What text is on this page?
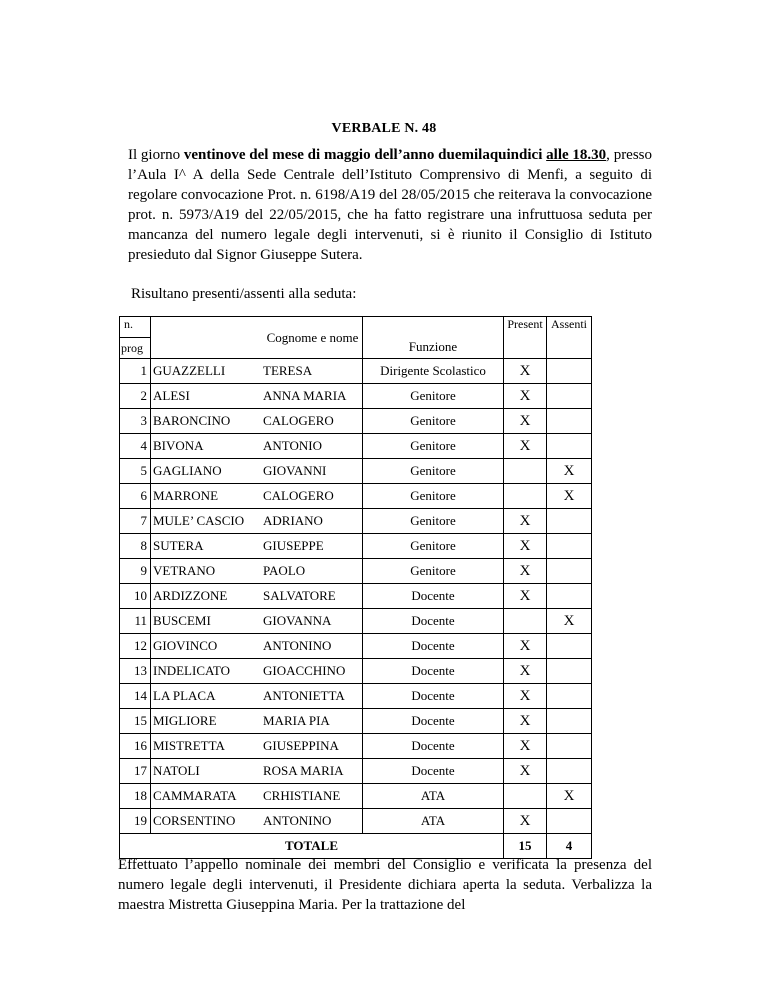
VERBALE N. 48
Il giorno ventinove del mese di maggio dell’anno duemilaquindici alle 18.30, presso l’Aula I^ A della Sede Centrale dell’Istituto Comprensivo di Menfi, a seguito di regolare convocazione Prot. n. 6198/A19 del 28/05/2015 che reiterava la convocazione prot. n. 5973/A19 del 22/05/2015, che ha fatto registrare una infruttuosa seduta per mancanza del numero legale degli intervenuti, si è riunito il Consiglio di Istituto presieduto dal Signor Giuseppe Sutera.
Risultano presenti/assenti alla seduta:
n.		Cognome e nome	Funzione	Present	Assenti
prog					
1	GUAZZELLI	TERESA	Dirigente Scolastico	X	
2	ALESI	ANNA MARIA	Genitore	X	
3	BARONCINO	CALOGERO	Genitore	X	
4	BIVONA	ANTONIO	Genitore	X	
5	GAGLIANO	GIOVANNI	Genitore		X
6	MARRONE	CALOGERO	Genitore		X
7	MULE’ CASCIO	ADRIANO	Genitore	X	
8	SUTERA	GIUSEPPE	Genitore	X	
9	VETRANO	PAOLO	Genitore	X	
10	ARDIZZONE	SALVATORE	Docente	X	
11	BUSCEMI	GIOVANNA	Docente		X
12	GIOVINCO	ANTONINO	Docente	X	
13	INDELICATO	GIOACCHINO	Docente	X	
14	LA PLACA	ANTONIETTA	Docente	X	
15	MIGLIORE	MARIA PIA	Docente	X	
16	MISTRETTA	GIUSEPPINA	Docente	X	
17	NATOLI	ROSA MARIA	Docente	X	
18	CAMMARATA	CRHISTIANE	ATA		X
19	CORSENTINO	ANTONINO	ATA	X	
TOTALE				15	4
Effettuato l’appello nominale dei membri del Consiglio e verificata la presenza del numero legale degli intervenuti, il Presidente dichiara aperta la seduta. Verbalizza la maestra Mistretta Giuseppina Maria. Per la trattazione del
